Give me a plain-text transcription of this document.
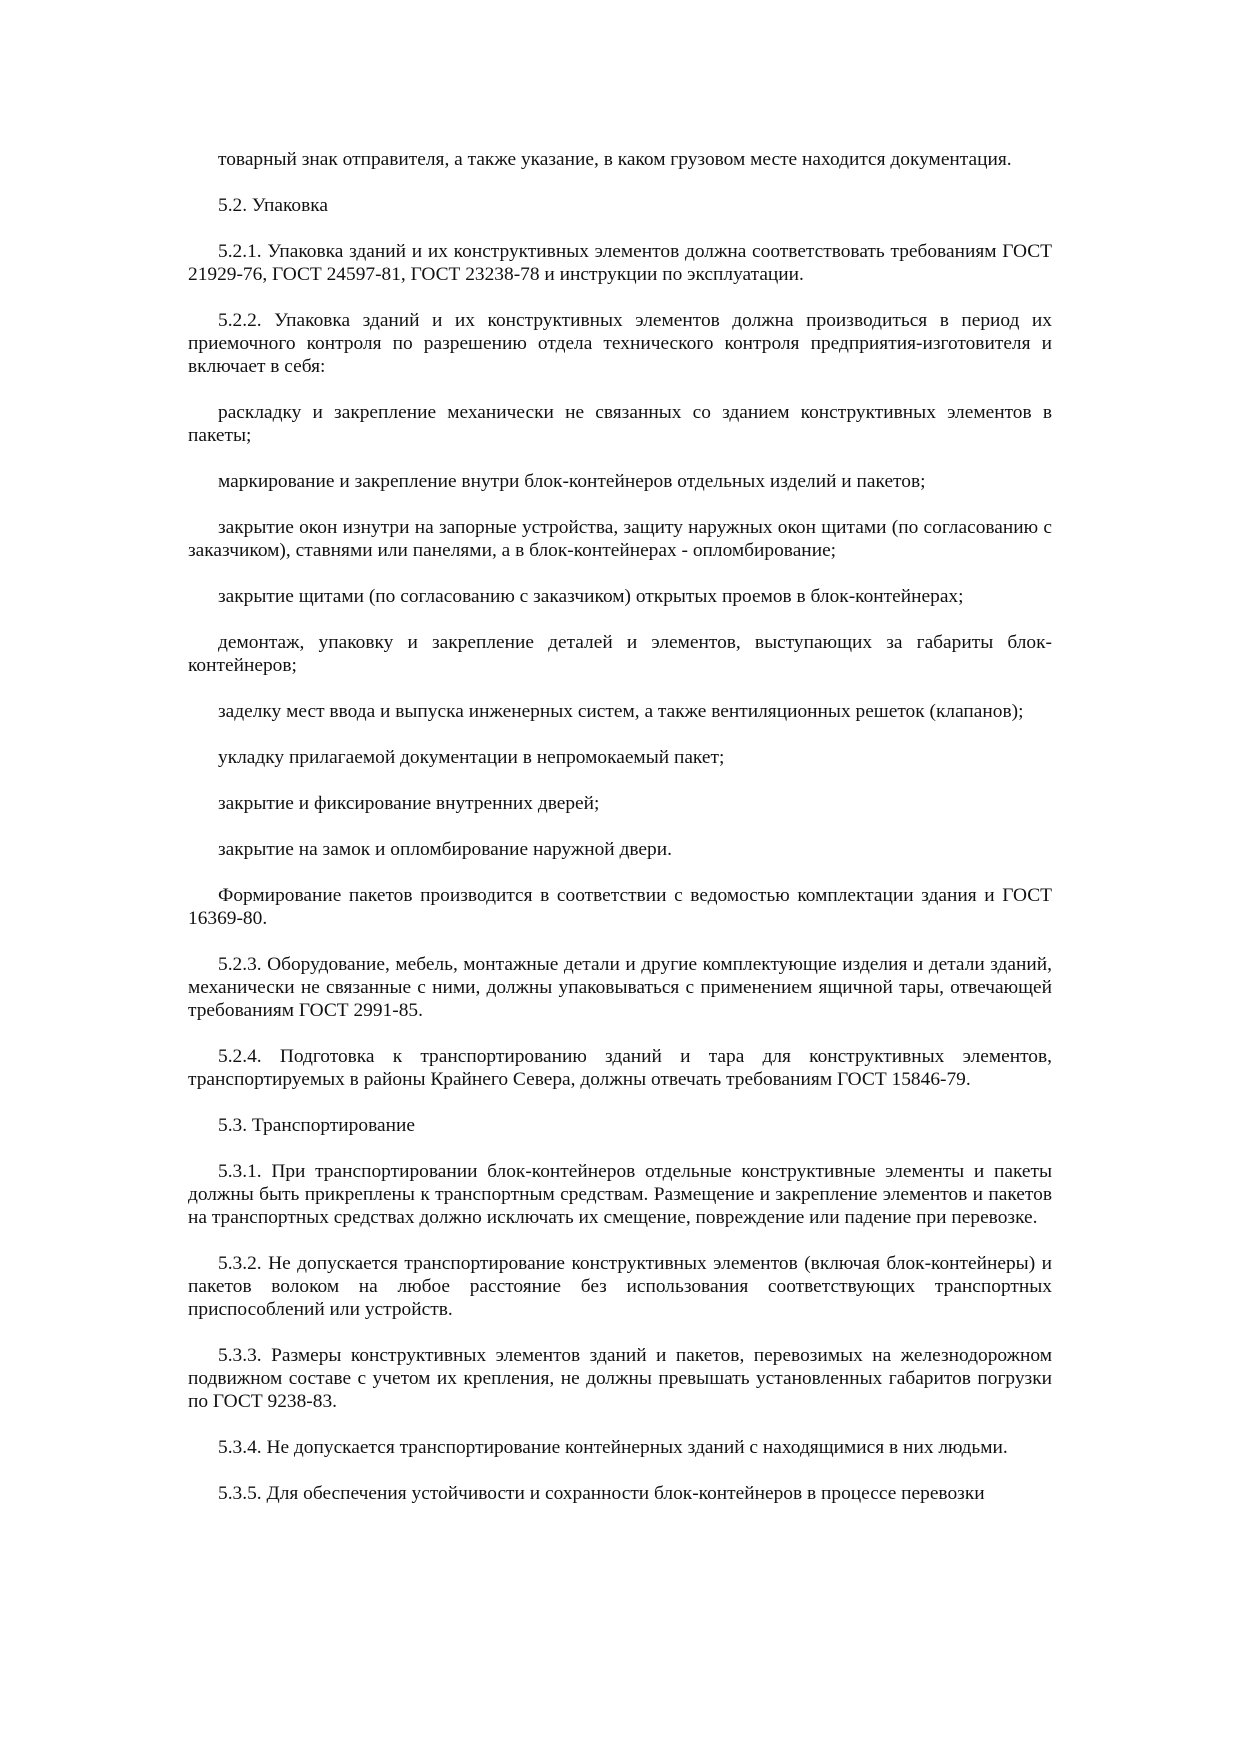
товарный знак отправителя, а также указание, в каком грузовом месте находится документация.

5.2. Упаковка

5.2.1. Упаковка зданий и их конструктивных элементов должна соответствовать требованиям ГОСТ 21929-76, ГОСТ 24597-81, ГОСТ 23238-78 и инструкции по эксплуатации.

5.2.2. Упаковка зданий и их конструктивных элементов должна производиться в период их приемочного контроля по разрешению отдела технического контроля предприятия-изготовителя и включает в себя:

раскладку и закрепление механически не связанных со зданием конструктивных элементов в пакеты;

маркирование и закрепление внутри блок-контейнеров отдельных изделий и пакетов;

закрытие окон изнутри на запорные устройства, защиту наружных окон щитами (по согласованию с заказчиком), ставнями или панелями, а в блок-контейнерах - опломбирование;

закрытие щитами (по согласованию с заказчиком) открытых проемов в блок-контейнерах;

демонтаж, упаковку и закрепление деталей и элементов, выступающих за габариты блок-контейнеров;

заделку мест ввода и выпуска инженерных систем, а также вентиляционных решеток (клапанов);

укладку прилагаемой документации в непромокаемый пакет;

закрытие и фиксирование внутренних дверей;

закрытие на замок и опломбирование наружной двери.

Формирование пакетов производится в соответствии с ведомостью комплектации здания и ГОСТ 16369-80.

5.2.3. Оборудование, мебель, монтажные детали и другие комплектующие изделия и детали зданий, механически не связанные с ними, должны упаковываться с применением ящичной тары, отвечающей требованиям ГОСТ 2991-85.

5.2.4. Подготовка к транспортированию зданий и тара для конструктивных элементов, транспортируемых в районы Крайнего Севера, должны отвечать требованиям ГОСТ 15846-79.

5.3. Транспортирование

5.3.1. При транспортировании блок-контейнеров отдельные конструктивные элементы и пакеты должны быть прикреплены к транспортным средствам. Размещение и закрепление элементов и пакетов на транспортных средствах должно исключать их смещение, повреждение или падение при перевозке.

5.3.2. Не допускается транспортирование конструктивных элементов (включая блок-контейнеры) и пакетов волоком на любое расстояние без использования соответствующих транспортных приспособлений или устройств.

5.3.3. Размеры конструктивных элементов зданий и пакетов, перевозимых на железнодорожном подвижном составе с учетом их крепления, не должны превышать установленных габаритов погрузки по ГОСТ 9238-83.

5.3.4. Не допускается транспортирование контейнерных зданий с находящимися в них людьми.

5.3.5. Для обеспечения устойчивости и сохранности блок-контейнеров в процессе перевозки
